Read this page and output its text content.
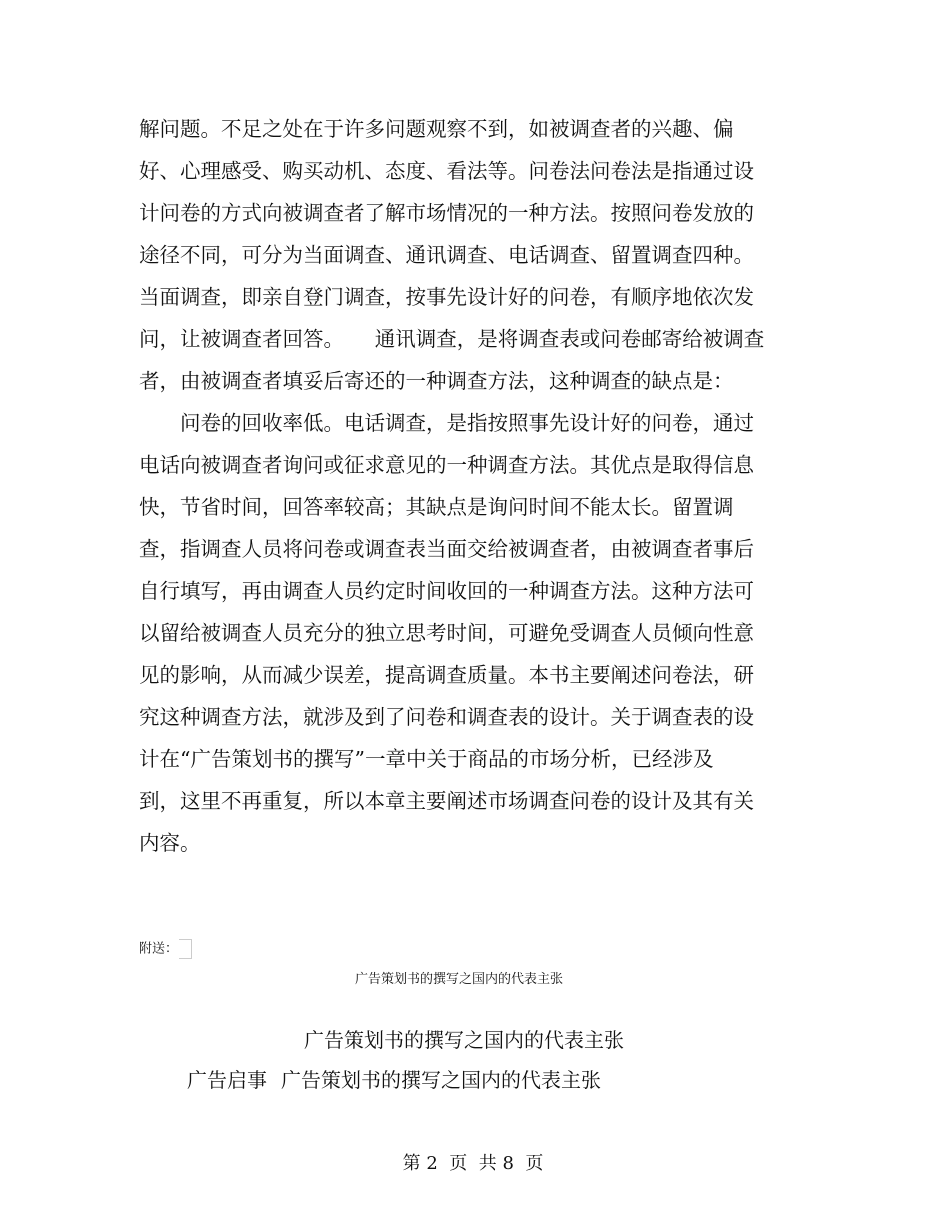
解问题。不足之处在于许多问题观察不到，如被调查者的兴趣、偏
好、心理感受、购买动机、态度、看法等。问卷法问卷法是指通过设
计问卷的方式向被调查者了解市场情况的一种方法。按照问卷发放的
途径不同，可分为当面调查、通讯调查、电话调查、留置调查四种。
当面调查，即亲自登门调查，按事先设计好的问卷，有顺序地依次发
问，让被调查者回答。　　通讯调查，是将调查表或问卷邮寄给被调查
者，由被调查者填妥后寄还的一种调查方法，这种调查的缺点是：
　　问卷的回收率低。电话调查，是指按照事先设计好的问卷，通过
电话向被调查者询问或征求意见的一种调查方法。其优点是取得信息
快，节省时间，回答率较高；其缺点是询问时间不能太长。留置调
查，指调查人员将问卷或调查表当面交给被调查者，由被调查者事后
自行填写，再由调查人员约定时间收回的一种调查方法。这种方法可
以留给被调查人员充分的独立思考时间，可避免受调查人员倾向性意
见的影响，从而减少误差，提高调查质量。本书主要阐述问卷法，研
究这种调查方法，就涉及到了问卷和调查表的设计。关于调查表的设
计在“广告策划书的撰写”一章中关于商品的市场分析，已经涉及
到，这里不再重复，所以本章主要阐述市场调查问卷的设计及其有关
内容。
附送：
广告策划书的撰写之国内的代表主张
广告策划书的撰写之国内的代表主张
广告启事 广告策划书的撰写之国内的代表主张
第 2  页  共 8  页
